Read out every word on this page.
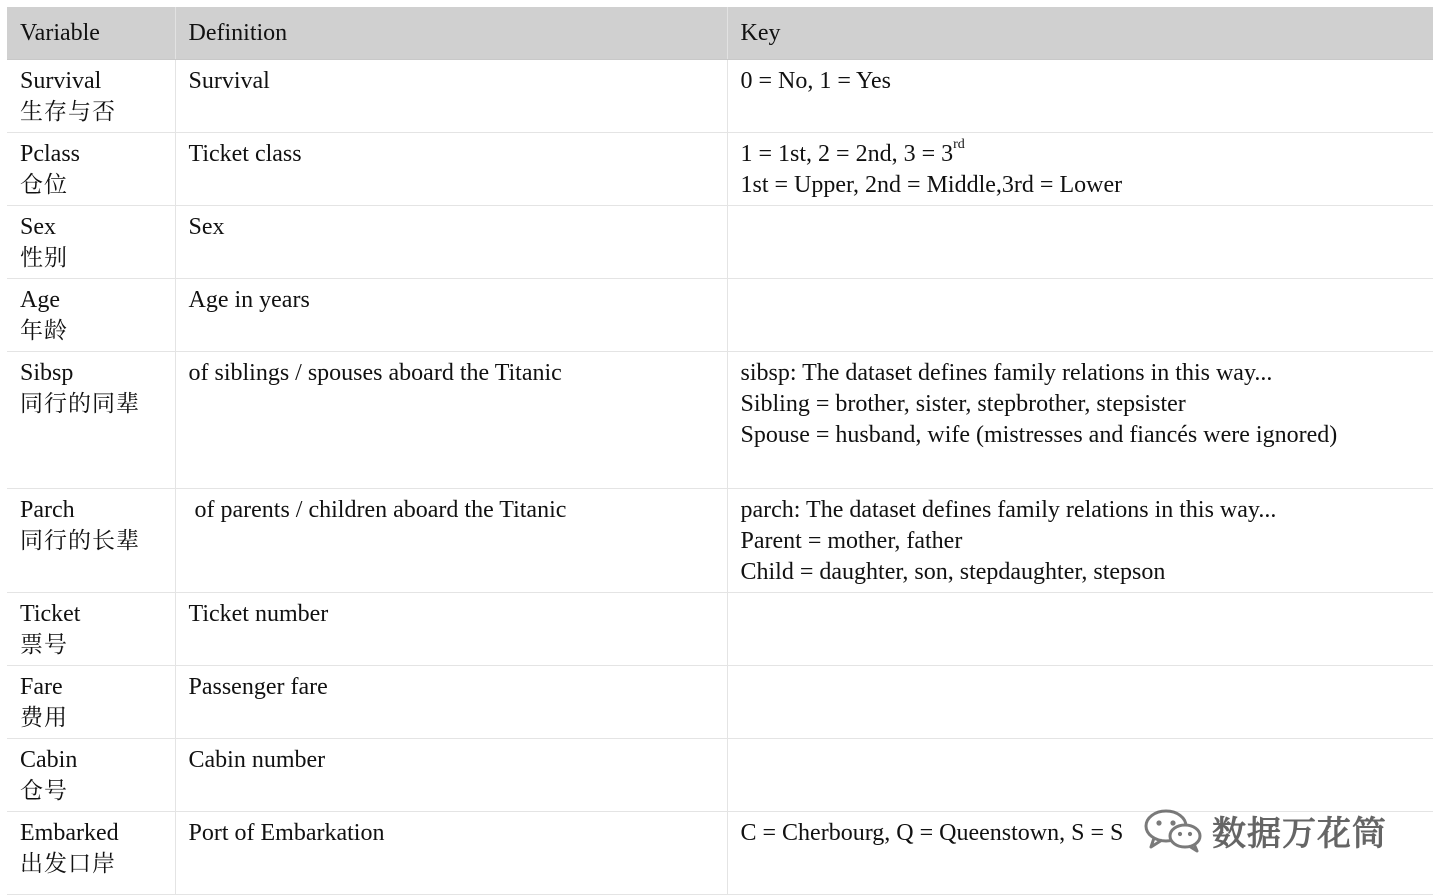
Variable	Definition	Key

Survival
生存与否	Survival	0 = No, 1 = Yes

Pclass
仓位	Ticket class	1 = 1st, 2 = 2nd, 3 = 3rd
1st = Upper, 2nd = Middle,3rd = Lower

Sex
性别	Sex	

Age
年龄	Age in years	

Sibsp
同行的同辈	of siblings / spouses aboard the Titanic	sibsp: The dataset defines family relations in this way...
Sibling = brother, sister, stepbrother, stepsister
Spouse = husband, wife (mistresses and fiancés were ignored)

Parch
同行的长辈	of parents / children aboard the Titanic	parch: The dataset defines family relations in this way...
Parent = mother, father
Child = daughter, son, stepdaughter, stepson

Ticket
票号	Ticket number	

Fare
费用	Passenger fare	

Cabin
仓号	Cabin number	

Embarked
出发口岸	Port of Embarkation	C = Cherbourg, Q = Queenstown, S = S	数据万花筒
